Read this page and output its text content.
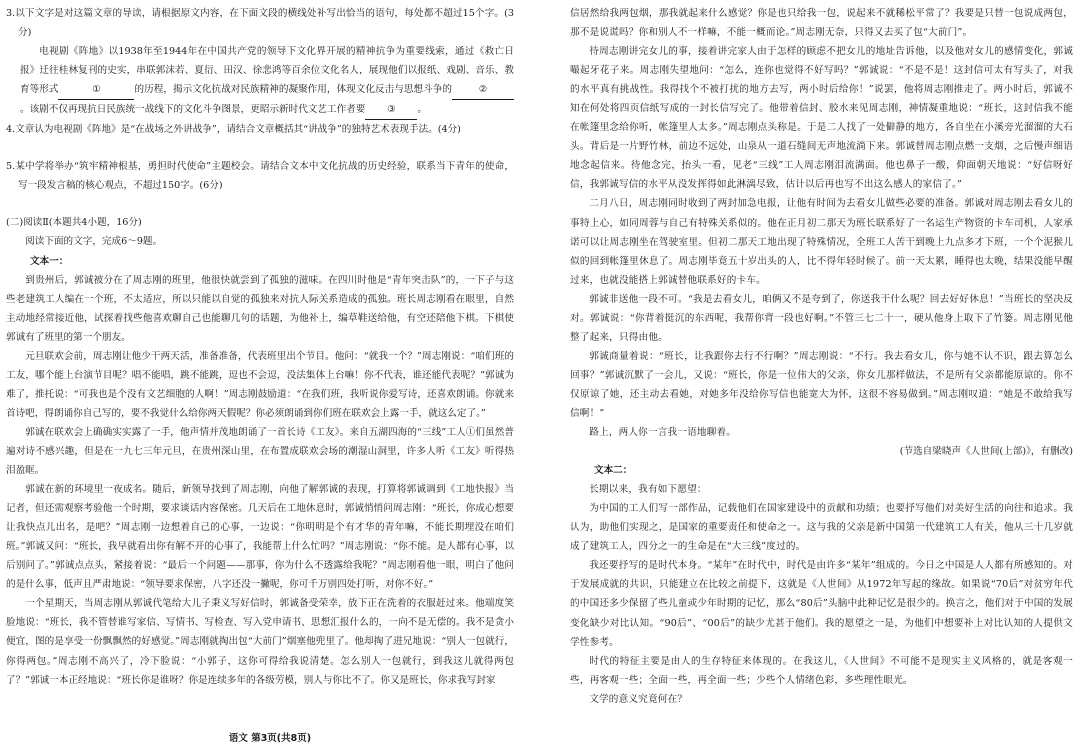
3.以下文字是对这篇文章的导读，请根据原文内容，在下面文段的横线处补写出恰当的语句，每处都不超过15个字。(3分)

电视剧《阵地》以1938年至1944年在中国共产党的领导下文化界开展的精神抗争为重要线索，通过《救亡日报》迁往桂林复刊的史实，串联郭沫若、夏衍、田汉、徐悲鸿等百余位文化名人，展现他们以报纸、戏剧、音乐、教育等形式	①	的历程，揭示文化抗战对民族精神的凝聚作用，体现文化反击与思想斗争的	②。该剧不仅再现抗日民族统一战线下的文化斗争图景，更昭示新时代文艺工作者要 ③ 。

4.文章认为电视剧《阵地》是“在战场之外讲战争”，请结合文章概括其“讲战争”的独特艺术表现手法。(4分)

5.某中学将举办“筑牢精神根基，勇担时代使命”主题校会。请结合文本中文化抗战的历史经验，联系当下青年的使命，写一段发言稿的核心观点，不超过150字。(6分)

(二)阅读Ⅱ(本题共4小题，16分)

阅读下面的文字，完成6～9题。

文本一：

到贵州后，郭诚被分在了周志刚的班里，他很快就尝到了孤独的滋味。在四川时他是“青年突击队”的，一下子与这些老建筑工人编在一个班，不太适应，所以只能以自觉的孤独来对抗人际关系造成的孤独。班长周志刚看在眼里，自然主动地经常接近他，试探着找些他喜欢聊自己也能聊几句的话题，为他补上，编草鞋送给他，有空还陪他下棋。下棋使郭诚有了班里的第一个朋友。

元旦联欢会前，周志刚让他少干两天活，准备准备，代表班里出个节目。他问：“就我一个？”周志刚说：“咱们班的工友，哪个能上台演节目呢？唱不能唱，跳不能跳，逗也不会逗，没法集体上台嘛！你不代表，谁还能代表呢？”郭诚为难了，推托说：“可我也是个没有文艺细胞的人啊！”周志刚鼓励道：“在我们班，我听说你爱写诗，还喜欢朗诵。你就来首诗吧，得朗诵你自己写的，要不我觉什么给你两天假呢？你必须朗诵到你们班在联欢会上露一手，就这么定了。”

郭诚在联欢会上确确实实露了一手，他声情并茂地朗诵了一首长诗《工友》。来自五湖四海的“三线”工人①们虽然普遍对诗不感兴趣，但是在一九七三年元旦，在贵州深山里，在布置成联欢会场的潮湿山洞里，许多人听《工友》听得热泪盈眶。

郭诚在新的环境里一夜成名。随后，新领导找到了周志刚，向他了解郭诚的表现，打算将郭诚调到《工地快报》当记者，但还需观察考验他一个时期，要求谈话内容保密。几天后在工地休息时，郭诚悄悄问周志刚：“班长，你成心想要让我快点儿出名，是吧？”周志刚一边想着自己的心事，一边说：“你明明是个有才华的青年嘛，不能长期埋没在咱们班。”郭诚又问：“班长，我早就看出你有解不开的心事了，我能帮上什么忙吗？”周志刚说：“你不能。是人都有心事，以后别问了。”郭诚点点头，紧接着说：“最后一个问题——那事，你为什么不透露给我呢？”周志刚看他一眼，明白了他问的是什么事，低声且严肃地说：“领导要求保密，八字还没一撇呢，你可千万别四处打听，对你不好。”

一个星期天，当周志刚从郭诚代笔给大儿子秉义写好信时，郭诚备受荣幸，放下正在洗着的衣服赶过来。他端度笑脸地说：“班长，我不管替谁写家信、写情书、写检查、写入党申请书、思想汇报什么的，一向不是无偿的。我不是贪小便宜，图的是享受一份飘飘然的好感觉。”周志刚就掏出包“大前门”烟塞他兜里了。他却掏了进兄地说：“别人一包就行，你得两包。”周志刚不高兴了，冷下脸说：“小郭子，这你可得给我说清楚。怎么别人一包就行，到我这儿就得两包了？”郭诚一本正经地说：“班长你是谁呀？你是连续多年的各级劳模，别人与你比不了。你又是班长，你求我写封家

信居然给我两包烟，那我就起来什么感觉？你是也只给我一包，说起来不就稀松平常了？我要是只替一包说成两包，那不是说谎吗？你和别人不一样嘛，不能一概而论。”周志刚无奈，只得又去买了包“大前门”。

待周志刚讲完女儿的事，接着讲完家人由于怎样的顾虑不把女儿的地址告诉他，以及他对女儿的感情变化，郭诚嘬起牙花子来。周志刚失望地问：“怎么，连你也觉得不好写吗？”郭诚说：“不是不是！这封信可太有写头了，对我的水平真有挑战性。我得找个不被打扰的地方去写，两小时后给你！”说罢，他将周志刚推走了。两小时后，郭诚不知在何处将四页信纸写成的一封长信写完了。他带着信封、胶水来见周志刚，神情凝重地说：“班长，这封信我不能在帐篷里念给你听，帐篷里人太多。”周志刚点头称是。于是二人找了一处僻静的地方，各自坐在小溪旁光溜溜的大石头。背后是一片野竹林，前边不远处，山泉从一道石缝间无声地流淌下来。郭诚替周志刚点燃一支烟，之后慢声细语地念起信来。待他念完，抬头一看，见老“三线”工人周志刚泪流满面。他也鼻子一酸，仰面朝天地说：“好信呀好信，我郭诚写信的水平从没发挥得如此淋漓尽致，估计以后再也写不出这么感人的家信了。”

二月八日，周志刚同时收到了两封加急电报，让他有时间为去看女儿做些必要的准备。郭诚对周志刚去看女儿的事特上心，如同周蓉与自己有特殊关系似的。他在正月初二那天为班长联系好了一名运生产物资的卡车司机，人家承诺可以让周志刚坐在驾驶室里。但初二那天工地出现了特殊情况，全班工人苦干到晚上九点多才下班，一个个泥猴儿似的回到帐篷里休息了。周志刚毕竟五十岁出头的人，比不得年轻时候了。前一天太累，睡得也太晚，结果没能早醒过来，也就没能搭上郭诚替他联系好的卡车。

郭诚非送他一段不可。“我是去看女儿，咱俩又不是夸到了，你送我干什么呢？回去好好休息！”当班长的坚决反对。郭诚说：“你背着挺沉的东西呢，我帮你背一段也好啊。”不管三七二十一，硬从他身上取下了竹篓。周志刚见他整了起来，只得由他。

郭诚商量着说：“班长，让我跟你去行不行啊？”周志刚说：“不行。我去看女儿，你与她不认不识，跟去算怎么回事？”郭诚沉默了一会儿，又说：“班长，你是一位伟大的父亲，你女儿那样做法，不是所有父亲都能原谅的。你不仅原谅了她，还主动去看她，对她多年没给你写信也能宽大为怀，这很不容易做到。”周志刚叹道：“她是不敢给我写信啊！”

路上，两人你一言我一语地聊着。

(节选自梁晓声《人世间(上部)》，有删改)

文本二：

长期以来，我有如下愿望：

为中国的工人们写一部作品，记载他们在国家建设中的贡献和功绩；也要抒写他们对美好生活的向往和追求。我认为，助他们实现之，是国家的重要责任和使命之一。这与我的父亲是新中国第一代建筑工人有关，他从三十几岁就成了建筑工人，四分之一的生命是在“大三线”度过的。

我还要抒写的是时代本身。“某年”在时代中，时代是由许多“某年”组成的。今日之中国是人人都有所感知的。对于发展成就的共识，只能建立在比较之前提下，这就是《人世间》从1972年写起的缘故。如果说“70后”对贫穷年代的中国还多少保留了些儿童或少年时期的记忆，那么“80后”头脑中此种记忆是很少的。换言之，他们对于中国的发展变化缺少对比认知。“90后”、“00后”的缺少尤甚于他们。我的愿望之一是，为他们中想要补上对比认知的人提供文学性参考。

时代的特征主要是由人的生存特征来体现的。在我这儿，《人世间》不可能不是现实主义风格的，就是客观一些，再客观一些；全面一些，再全面一些；少些个人情绪色彩，多些理性眼光。

文学的意义究竟何在？

语文 第3页(共8页)
